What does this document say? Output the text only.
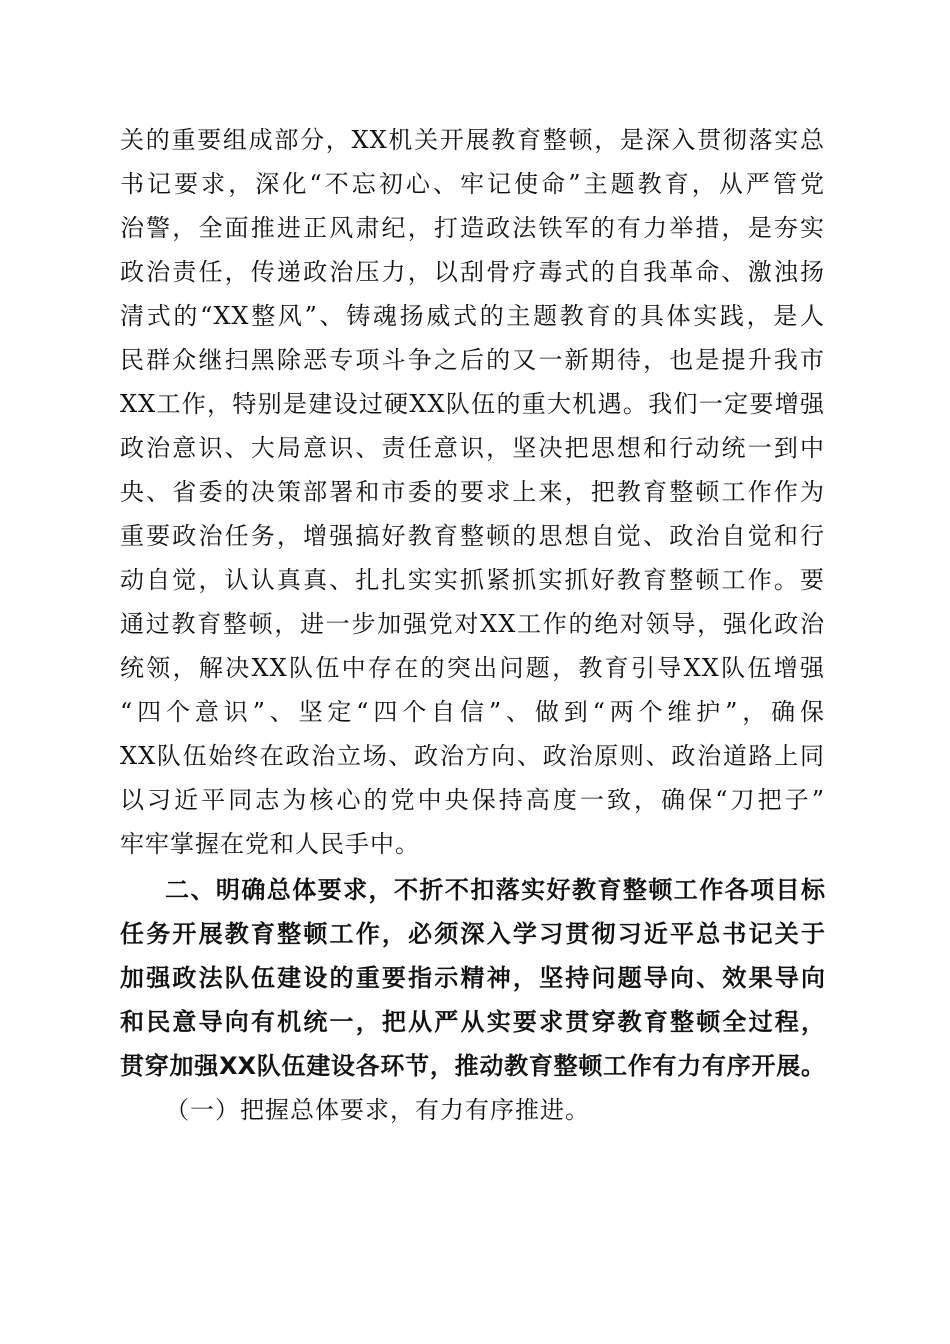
关的重要组成部分，XX机关开展教育整顿，是深入贯彻落实总
书记要求，深化“不忘初心、牢记使命”主题教育，从严管党
治警，全面推进正风肃纪，打造政法铁军的有力举措，是夯实
政治责任，传递政治压力，以刮骨疗毒式的自我革命、激浊扬
清式的“XX整风”、铸魂扬威式的主题教育的具体实践，是人
民群众继扫黑除恶专项斗争之后的又一新期待，也是提升我市
XX工作，特别是建设过硬XX队伍的重大机遇。我们一定要增强
政治意识、大局意识、责任意识，坚决把思想和行动统一到中
央、省委的决策部署和市委的要求上来，把教育整顿工作作为
重要政治任务，增强搞好教育整顿的思想自觉、政治自觉和行
动自觉，认认真真、扎扎实实抓紧抓实抓好教育整顿工作。要
通过教育整顿，进一步加强党对XX工作的绝对领导，强化政治
统领，解决XX队伍中存在的突出问题，教育引导XX队伍增强
“四个意识”、坚定“四个自信”、做到“两个维护”，确保
XX队伍始终在政治立场、政治方向、政治原则、政治道路上同
以习近平同志为核心的党中央保持高度一致，确保“刀把子”
牢牢掌握在党和人民手中。
二、明确总体要求，不折不扣落实好教育整顿工作各项目标
任务开展教育整顿工作，必须深入学习贯彻习近平总书记关于
加强政法队伍建设的重要指示精神，坚持问题导向、效果导向
和民意导向有机统一，把从严从实要求贯穿教育整顿全过程，
贯穿加强XX队伍建设各环节，推动教育整顿工作有力有序开展。
（一）把握总体要求，有力有序推进。
